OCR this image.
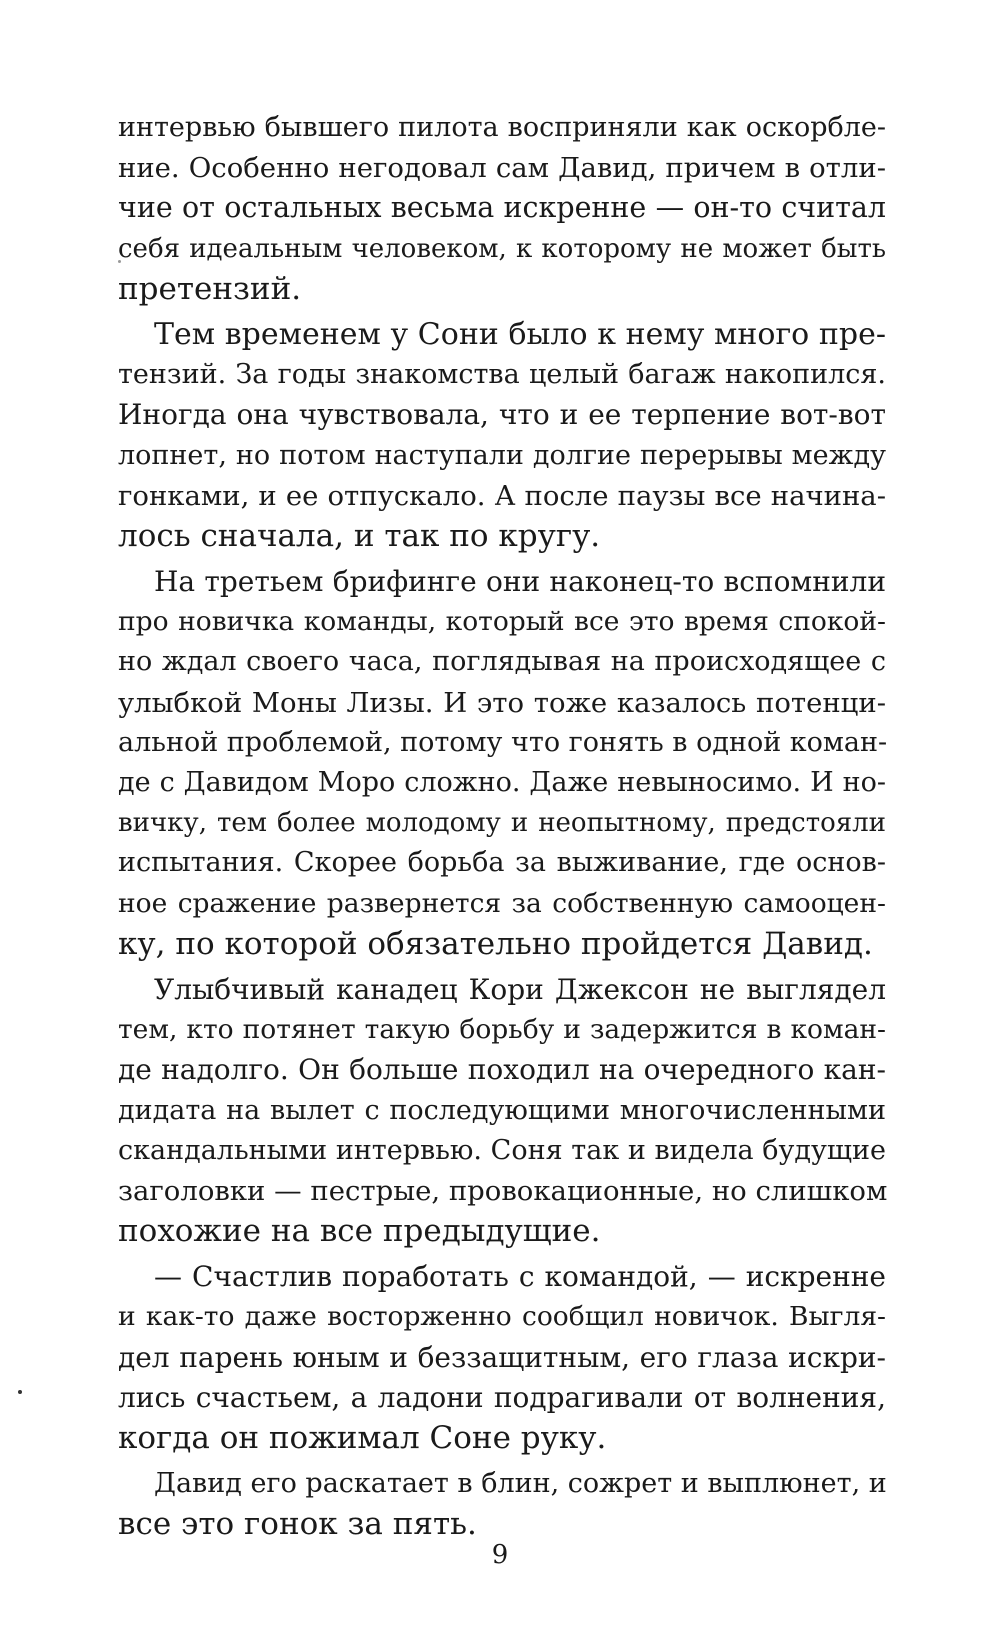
интервью бывшего пилота восприняли как оскорбле-
ние. Особенно негодовал сам Давид, причем в отли-
чие от остальных весьма искренне — он-то считал
себя идеальным человеком, к которому не может быть
претензий.
Тем временем у Сони было к нему много пре-
тензий. За годы знакомства целый багаж накопился.
Иногда она чувствовала, что и ее терпение вот-вот
лопнет, но потом наступали долгие перерывы между
гонками, и ее отпускало. А после паузы все начина-
лось сначала, и так по кругу.
На третьем брифинге они наконец-то вспомнили
про новичка команды, который все это время спокой-
но ждал своего часа, поглядывая на происходящее с
улыбкой Моны Лизы. И это тоже казалось потенци-
альной проблемой, потому что гонять в одной коман-
де с Давидом Моро сложно. Даже невыносимо. И но-
вичку, тем более молодому и неопытному, предстояли
испытания. Скорее борьба за выживание, где основ-
ное сражение развернется за собственную самооцен-
ку, по которой обязательно пройдется Давид.
Улыбчивый канадец Кори Джексон не выглядел
тем, кто потянет такую борьбу и задержится в коман-
де надолго. Он больше походил на очередного кан-
дидата на вылет с последующими многочисленными
скандальными интервью. Соня так и видела будущие
заголовки — пестрые, провокационные, но слишком
похожие на все предыдущие.
— Счастлив поработать с командой, — искренне
и как-то даже восторженно сообщил новичок. Выгля-
дел парень юным и беззащитным, его глаза искри-
лись счастьем, а ладони подрагивали от волнения,
когда он пожимал Соне руку.
Давид его раскатает в блин, сожрет и выплюнет, и
все это гонок за пять.
9
